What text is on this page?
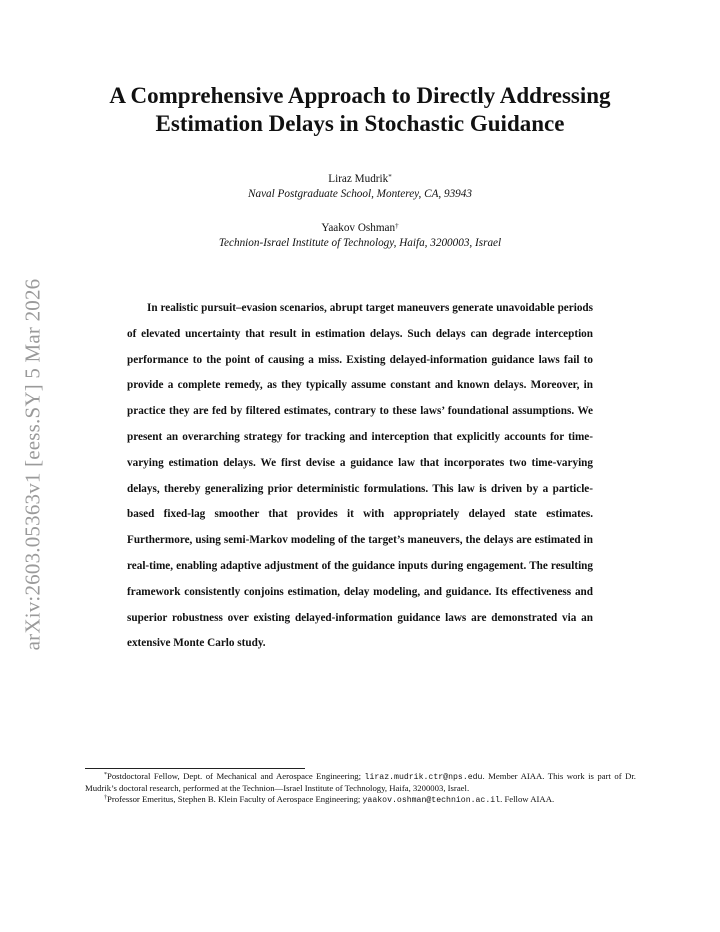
arXiv:2603.05363v1 [eess.SY] 5 Mar 2026
A Comprehensive Approach to Directly Addressing
Estimation Delays in Stochastic Guidance
Liraz Mudrik*
Naval Postgraduate School, Monterey, CA, 93943
Yaakov Oshman†
Technion-Israel Institute of Technology, Haifa, 3200003, Israel

In realistic pursuit–evasion scenarios, abrupt target maneuvers generate unavoidable periods of elevated uncertainty that result in estimation delays. Such delays can degrade interception performance to the point of causing a miss. Existing delayed-information guidance laws fail to provide a complete remedy, as they typically assume constant and known delays. Moreover, in practice they are fed by filtered estimates, contrary to these laws’ foundational assumptions. We present an overarching strategy for tracking and interception that explicitly accounts for time-varying estimation delays. We first devise a guidance law that incorporates two time-varying delays, thereby generalizing prior deterministic formulations. This law is driven by a particle-based fixed-lag smoother that provides it with appropriately delayed state estimates. Furthermore, using semi-Markov modeling of the target’s maneuvers, the delays are estimated in real-time, enabling adaptive adjustment of the guidance inputs during engagement. The resulting framework consistently conjoins estimation, delay modeling, and guidance. Its effectiveness and superior robustness over existing delayed-information guidance laws are demonstrated via an extensive Monte Carlo study.

*Postdoctoral Fellow, Dept. of Mechanical and Aerospace Engineering; liraz.mudrik.ctr@nps.edu. Member AIAA. This work is part of Dr. Mudrik’s doctoral research, performed at the Technion—Israel Institute of Technology, Haifa, 3200003, Israel.

†Professor Emeritus, Stephen B. Klein Faculty of Aerospace Engineering; yaakov.oshman@technion.ac.il. Fellow AIAA.
